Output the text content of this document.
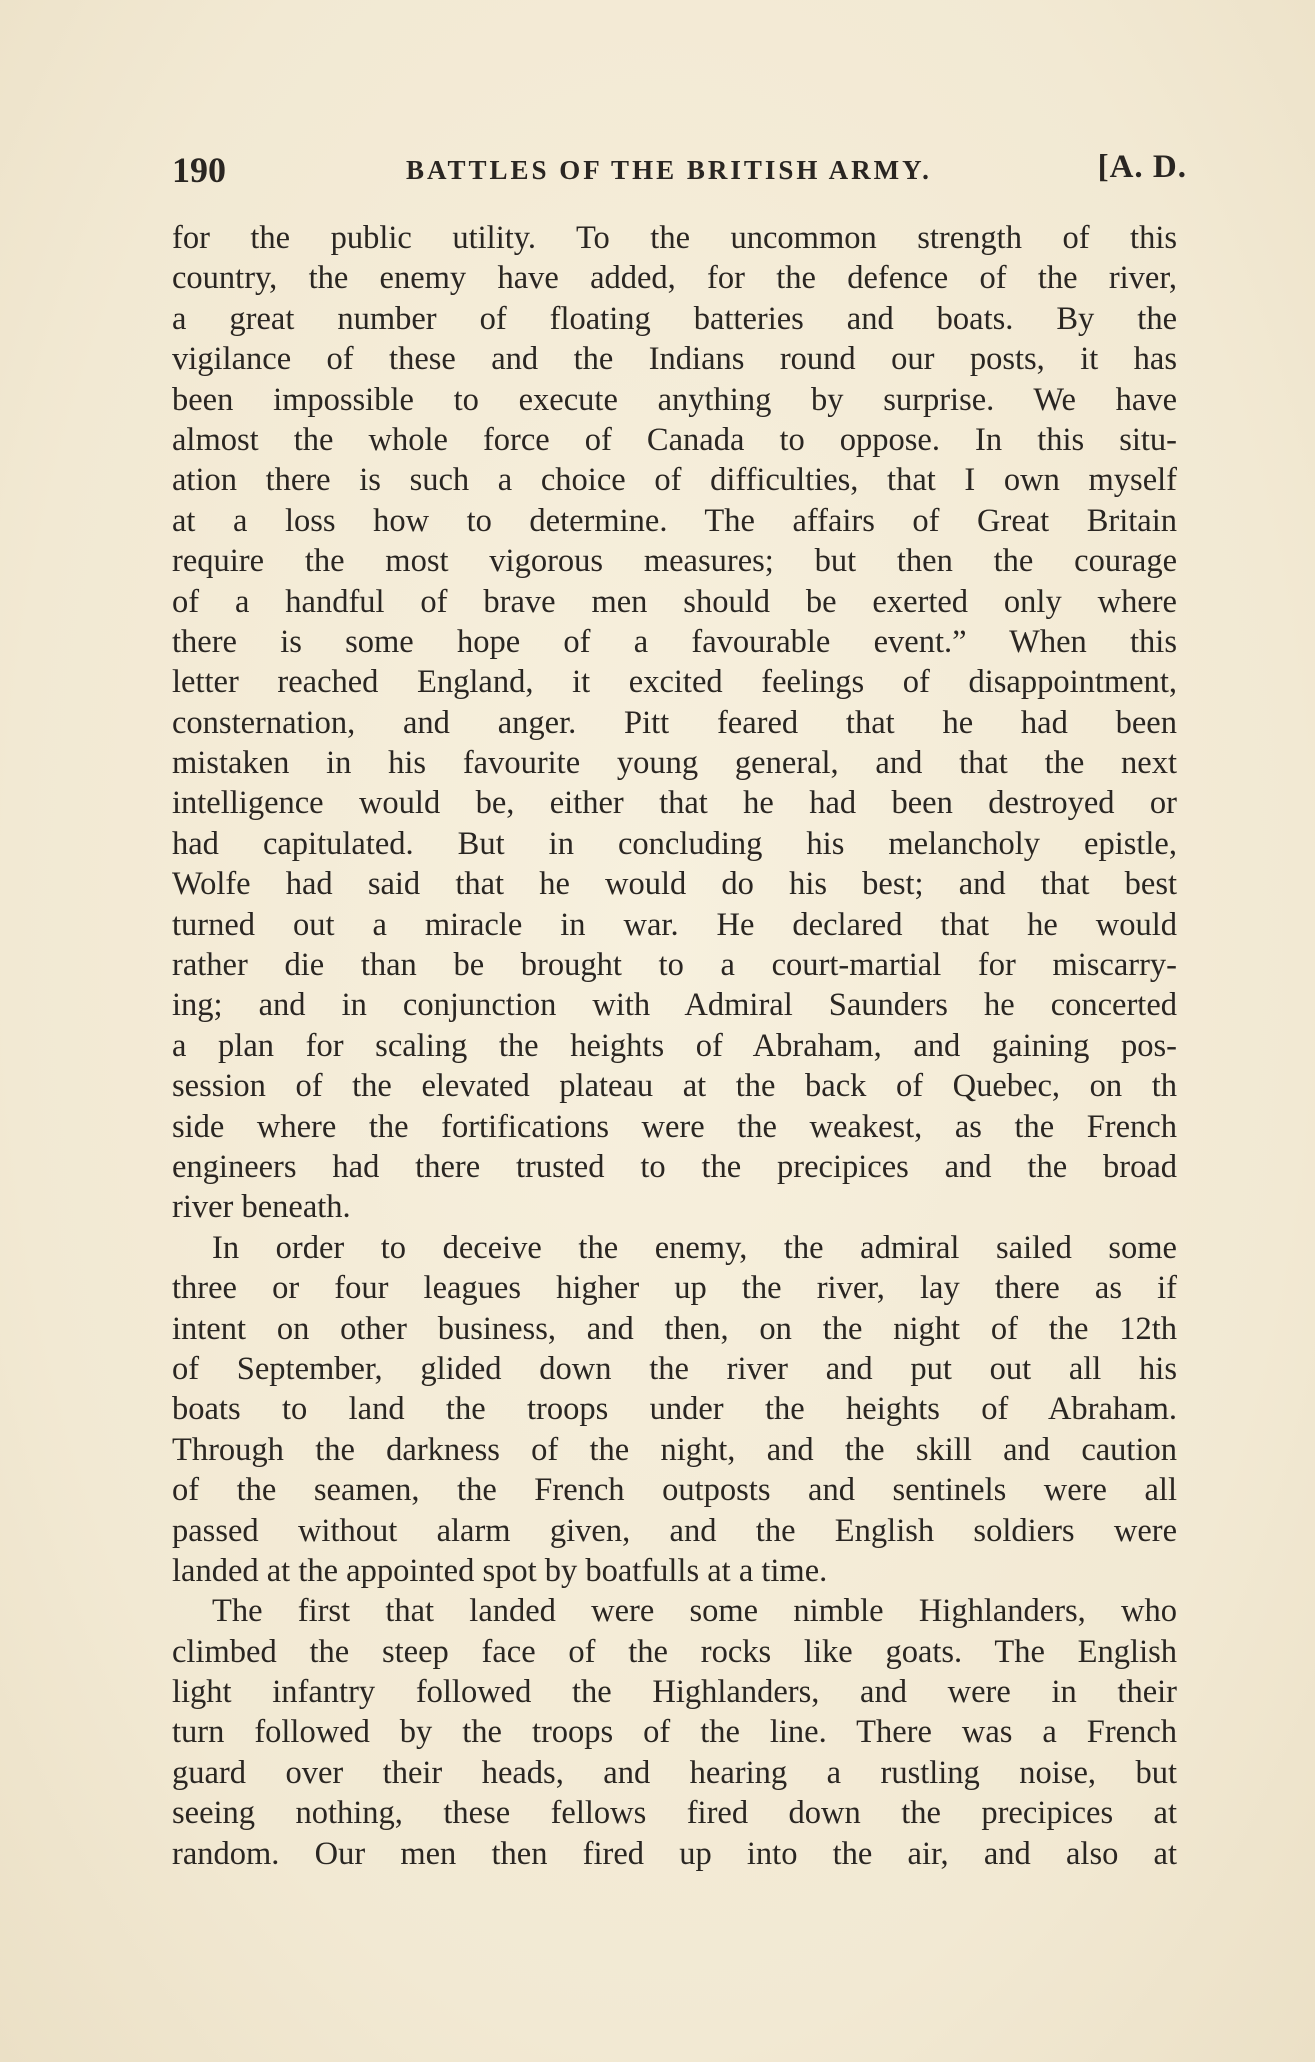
190	BATTLES OF THE BRITISH ARMY.	[A. D.
for the public utility. To the uncommon strength of this
country, the enemy have added, for the defence of the river,
a great number of floating batteries and boats. By the
vigilance of these and the Indians round our posts, it has
been impossible to execute anything by surprise. We have
almost the whole force of Canada to oppose. In this situ-
ation there is such a choice of difficulties, that I own myself
at a loss how to determine. The affairs of Great Britain
require the most vigorous measures; but then the courage
of a handful of brave men should be exerted only where
there is some hope of a favourable event.” When this
letter reached England, it excited feelings of disappointment,
consternation, and anger. Pitt feared that he had been
mistaken in his favourite young general, and that the next
intelligence would be, either that he had been destroyed or
had capitulated. But in concluding his melancholy epistle,
Wolfe had said that he would do his best; and that best
turned out a miracle in war. He declared that he would
rather die than be brought to a court-martial for miscarry-
ing; and in conjunction with Admiral Saunders he concerted
a plan for scaling the heights of Abraham, and gaining pos-
session of the elevated plateau at the back of Quebec, on th
side where the fortifications were the weakest, as the French
engineers had there trusted to the precipices and the broad
river beneath.
In order to deceive the enemy, the admiral sailed some
three or four leagues higher up the river, lay there as if
intent on other business, and then, on the night of the 12th
of September, glided down the river and put out all his
boats to land the troops under the heights of Abraham.
Through the darkness of the night, and the skill and caution
of the seamen, the French outposts and sentinels were all
passed without alarm given, and the English soldiers were
landed at the appointed spot by boatfulls at a time.
The first that landed were some nimble Highlanders, who
climbed the steep face of the rocks like goats. The English
light infantry followed the Highlanders, and were in their
turn followed by the troops of the line. There was a French
guard over their heads, and hearing a rustling noise, but
seeing nothing, these fellows fired down the precipices at
random. Our men then fired up into the air, and also at
